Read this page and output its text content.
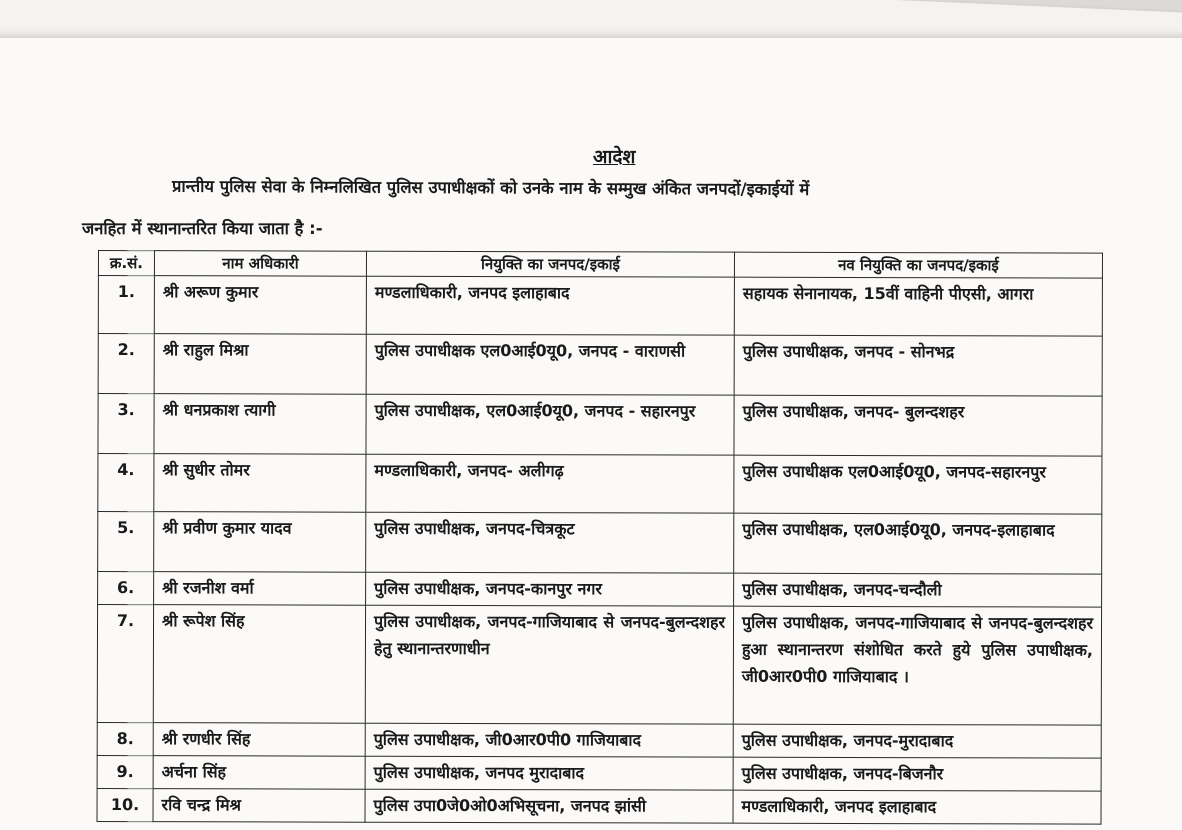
आदेश

प्रान्तीय पुलिस सेवा के निम्नलिखित पुलिस उपाधीक्षकों को उनके नाम के सम्मुख अंकित जनपदों/इकाईयों में

जनहित में स्थानान्तरित किया जाता है :-

क्र.सं.	नाम अधिकारी	नियुक्ति का जनपद/इकाई	नव नियुक्ति का जनपद/इकाई
1.	श्री अरूण कुमार	मण्डलाधिकारी, जनपद इलाहाबाद	सहायक सेनानायक, 15वीं वाहिनी पीएसी, आगरा

2.	श्री राहुल मिश्रा	पुलिस उपाधीक्षक एल0आई0यू0, जनपद - वाराणसी	पुलिस उपाधीक्षक, जनपद - सोनभद्र
3.	श्री धनप्रकाश त्यागी	पुलिस उपाधीक्षक, एल0आई0यू0, जनपद - सहारनपुर	पुलिस उपाधीक्षक, जनपद- बुलन्दशहर
4.	श्री सुधीर तोमर	मण्डलाधिकारी, जनपद- अलीगढ़	पुलिस उपाधीक्षक एल0आई0यू0, जनपद-सहारनपुर

5.	श्री प्रवीण कुमार यादव	पुलिस उपाधीक्षक, जनपद-चित्रकूट	पुलिस उपाधीक्षक, एल0आई0यू0, जनपद-इलाहाबाद

6.	श्री रजनीश वर्मा	पुलिस उपाधीक्षक, जनपद-कानपुर नगर	पुलिस उपाधीक्षक, जनपद-चन्दौली
7.	श्री रूपेश सिंह	पुलिस उपाधीक्षक, जनपद-गाजियाबाद से जनपद-बुलन्दशहर हेतु स्थानान्तरणाधीन	पुलिस उपाधीक्षक, जनपद-गाजियाबाद से जनपद-बुलन्दशहर हुआ स्थानान्तरण संशोधित करते हुये पुलिस उपाधीक्षक, जी0आर0पी0 गाजियाबाद ।

8.	श्री रणधीर सिंह	पुलिस उपाधीक्षक, जी0आर0पी0 गाजियाबाद	पुलिस उपाधीक्षक, जनपद-मुरादाबाद
9.	अर्चना सिंह	पुलिस उपाधीक्षक, जनपद मुरादाबाद	पुलिस उपाधीक्षक, जनपद-बिजनौर
10.	रवि चन्द्र मिश्र	पुलिस उपा0जे0ओ0अभिसूचना, जनपद झांसी	मण्डलाधिकारी, जनपद इलाहाबाद
